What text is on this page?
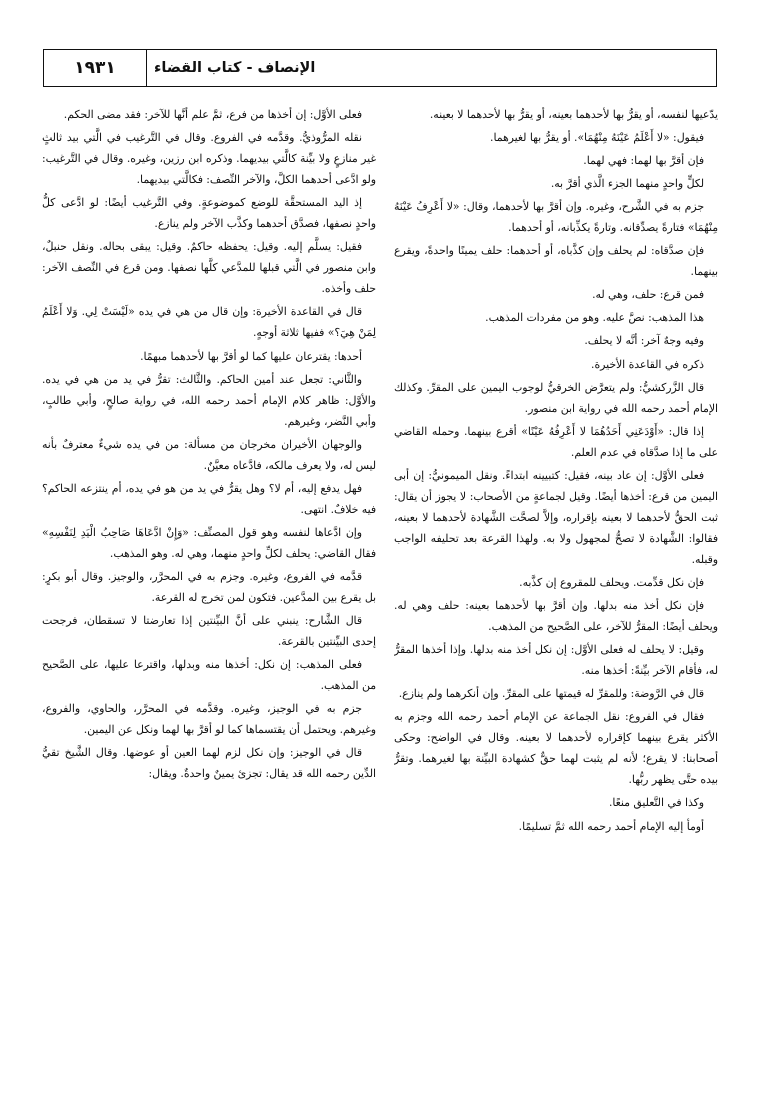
١٩٣١	الإنصاف - كتاب القضاء

يدّعيها لنفسه، أو يقرُّ بها لأحدهما بعينه، أو يقرُّ بها لأحدهما لا بعينه.

فيقول: «لا أَعْلَمُ عَيْنَهُ مِنْهُمَا». أو يقرُّ بها لغيرهما.

فإن أقرَّ بها لهما: فهي لهما.

لكلٍّ واحدٍ منهما الجزء الَّذي أقرَّ به.

جزم به في الشَّرح، وغيره. وإن أقرَّ بها لأحدهما، وقال: «لا أَعْرِفُ عَيْنَهُ مِنْهُمَا» فتارةً يصدِّقانه. وتارةً يكذِّبانه، أو أحدهما.

فإن صدَّقاه: لم يحلف وإن كذَّباه، أو أحدهما: حلف يمينًا واحدةً، ويقرع بينهما.

فمن قرع: حلف، وهي له.

هذا المذهب: نصَّ عليه. وهو من مفردات المذهب.

وفيه وجهٌ آخر: أنَّه لا يحلف.

ذكره في القاعدة الأخيرة.

قال الزَّركشيُّ: ولم يتعرَّض الخرقيُّ لوجوب اليمين على المقرِّ. وكذلك الإمام أحمد رحمه الله في رواية ابن منصور.

إذا قال: «أَوْدَعَنِي أَحَدُهُمَا لا أَعْرِفُهُ عَيْنًا» أقرع بينهما. وحمله القاضي على ما إذا صدَّقاه في عدم العلم.

فعلى الأوَّل: إن عاد بينه، فقيل: كتبيينه ابتداءً. ونقل الميمونيُّ: إن أبى اليمين من قرع: أخذها أيضًا. وقيل لجماعةٍ من الأصحاب: لا يجوز أن يقال: ثبت الحقُّ لأحدهما لا بعينه بإقراره، وإلاَّ لصحَّت الشَّهادة لأحدهما لا بعينه، فقالوا: الشَّهادة لا تصحُّ لمجهول ولا به. ولهذا القرعة بعد تحليفه الواجب وقبله.

فإن نكل قدِّمت. ويحلف للمقروع إن كذَّبه.

فإن نكل أخذ منه بدلها. وإن أقرَّ بها لأحدهما بعينه: حلف وهي له. ويحلف أيضًا: المقرُّ للآخر، على الصَّحيح من المذهب.

وقيل: لا يحلف له فعلى الأوَّل: إن نكل أخذ منه بدلها. وإذا أخذها المقرُّ له، فأقام الآخر بيِّنةً: أخذها منه.

قال في الرَّوضة: وللمقرِّ له قيمتها على المقرِّ. وإن أنكرهما ولم ينازع.

فقال في الفروع: نقل الجماعة عن الإمام أحمد رحمه الله وجزم به الأكثر يقرع بينهما كإقراره لأحدهما لا بعينه. وقال في الواضح: وحكى أصحابنا: لا يقرع؛ لأنه لم يثبت لهما حقٌّ كشهادة البيِّنة بها لغيرهما. وتقرُّ بيده حتَّى يظهر ربُّها.

وكذا في التَّعليق منعًا.

أومأ إليه الإمام أحمد رحمه الله ثمَّ تسليمًا.

فعلى الأوَّل: إن أخذها من فرع، ثمَّ علم أنَّها للآخر: فقد مضى الحكم.

نقله المرُّوذيُّ. وقدَّمه في الفروع. وقال في التَّرغيب في الَّتي بيد ثالثٍ غير منازعٍ ولا بيِّنة كالَّتي بيديهما. وذكره ابن رزين، وغيره. وقال في التَّرغيب: ولو ادَّعى أحدهما الكلَّ، والآخر النِّصف: فكالَّتي بيديهما.

إذ اليد المستحقَّة للوضع كموضوعةٍ. وفي التَّرغيب أيضًا: لو ادَّعى كلُّ واحدٍ نصفها، فصدَّق أحدهما وكذَّب الآخر ولم ينازع.

فقيل: يسلَّم إليه. وقيل: يحفظه حاكمٌ. وقيل: يبقى بحاله. ونقل حنبلٌ، وابن منصور في الَّتي قبلها للمدَّعي كلَّها نصفها. ومن قرع في النِّصف الآخر: حلف وأخذه.

قال في القاعدة الأخيرة: وإن قال من هي في يده «لَيْسَتْ لِي. وَلا أَعْلَمُ لِمَنْ هِيَ؟» ففيها ثلاثة أوجهٍ.

أحدها: يقترعان عليها كما لو أقرَّ بها لأحدهما مبهمًا.

والثَّاني: تجعل عند أمين الحاكم. والثَّالث: تقرُّ في يد من هي في يده. والأوَّل: ظاهر كلام الإمام أحمد رحمه الله، في رواية صالحٍ، وأبي طالبٍ، وأبي النَّضر، وغيرهم.

والوجهان الأخيران مخرجان من مسألة: من في يده شيءٌ معترفٌ بأنه ليس له، ولا يعرف مالكه، فادَّعاه معيَّنٌ.

فهل يدفع إليه، أم لا؟ وهل يقرُّ في يد من هو في يده، أم ينتزعه الحاكم؟ فيه خلافٌ. انتهى.

وإن ادَّعاها لنفسه وهو قول المصنِّف: «وَإِنْ ادَّعَاهَا صَاحِبُ الْيَدِ لِنَفْسِهِ» فقال القاضي: يحلف لكلِّ واحدٍ منهما، وهي له. وهو المذهب.

قدَّمه في الفروع، وغيره. وجزم به في المحرَّر، والوجيز. وقال أبو بكرٍ: بل يقرع بين المدَّعين. فتكون لمن تخرج له القرعة.

قال الشَّارح: ينبني على أنَّ البيِّنتين إذا تعارضتا لا تسقطان، فرجحت إحدى البيِّنتين بالقرعة.

فعلى المذهب: إن نكل: أخذها منه وبدلها، واقترعا عليها، على الصَّحيح من المذهب.

جزم به في الوجيز، وغيره. وقدَّمه في المحرَّر، والحاوي، والفروع، وغيرهم. ويحتمل أن يقتسماها كما لو أقرَّ بها لهما ونكل عن اليمين.

قال في الوجيز: وإن نكل لزم لهما العين أو عوضها. وقال الشَّيخ تقيُّ الدِّين رحمه الله قد يقال: تجزئ يمينٌ واحدةٌ. ويقال:
